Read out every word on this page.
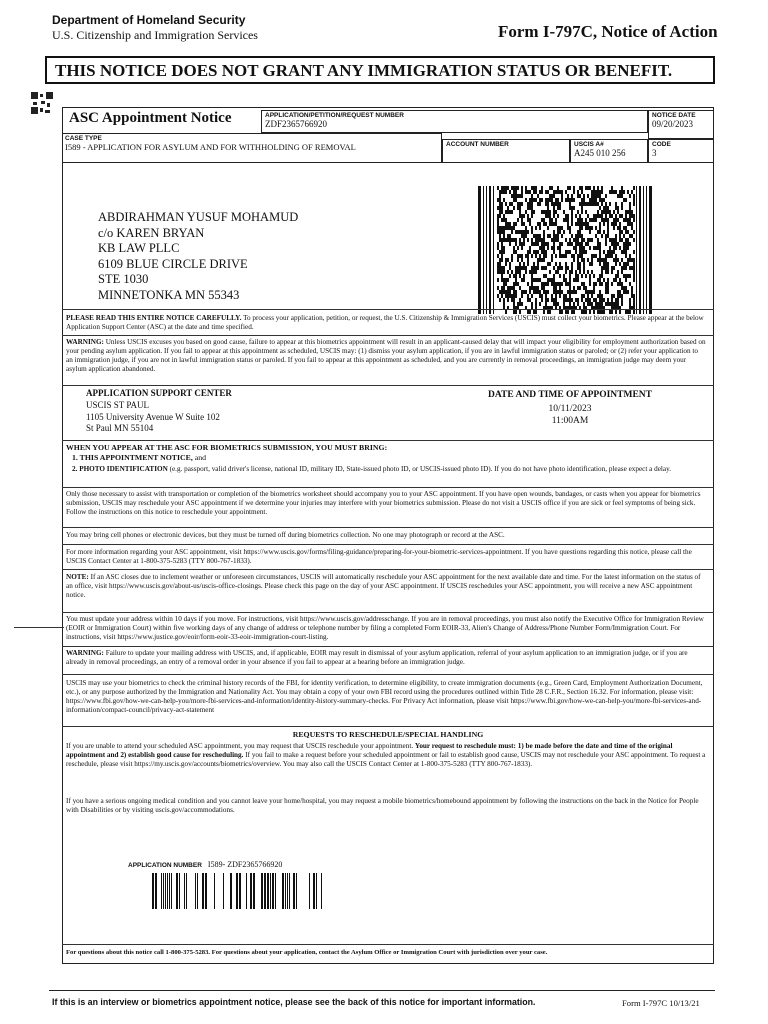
Department of Homeland Security
U.S. Citizenship and Immigration Services	Form I-797C, Notice of Action
THIS NOTICE DOES NOT GRANT ANY IMMIGRATION STATUS OR BENEFIT.
ASC Appointment Notice	APPLICATION/PETITION/REQUEST NUMBER
ZDF2365766920
NOTICE DATE
09/20/2023
CASE TYPE
I589 - APPLICATION FOR ASYLUM AND FOR WITHHOLDING OF REMOVAL	ACCOUNT NUMBER	USCIS A#
A245 010 256
CODE
3
ABDIRAHMAN YUSUF MOHAMUD
c/o KAREN BRYAN
KB LAW PLLC
6109 BLUE CIRCLE DRIVE
STE 1030
MINNETONKA MN 55343
PLEASE READ THIS ENTIRE NOTICE CAREFULLY. To process your application, petition, or request, the U.S. Citizenship & Immigration Services (USCIS) must collect your biometrics. Please appear at the below Application Support Center (ASC) at the date and time specified.
WARNING: Unless USCIS excuses you based on good cause, failure to appear at this biometrics appointment will result in an applicant-caused delay that will impact your eligibility for employment authorization based on your pending asylum application. If you fail to appear at this appointment as scheduled, USCIS may: (1) dismiss your asylum application, if you are in lawful immigration status or paroled; or (2) refer your application to an immigration judge, if you are not in lawful immigration status or paroled. If you fail to appear at this appointment as scheduled, and you are currently in removal proceedings, an immigration judge may deem your asylum application abandoned.
APPLICATION SUPPORT CENTER
USCIS ST PAUL
1105 University Avenue W Suite 102
St Paul MN 55104
DATE AND TIME OF APPOINTMENT
10/11/2023
11:00AM
WHEN YOU APPEAR AT THE ASC FOR BIOMETRICS SUBMISSION, YOU MUST BRING:
1. THIS APPOINTMENT NOTICE, and
2. PHOTO IDENTIFICATION (e.g. passport, valid driver's license, national ID, military ID, State-issued photo ID, or USCIS-issued photo ID). If you do not have photo identification, please expect a delay.
Only those necessary to assist with transportation or completion of the biometrics worksheet should accompany you to your ASC appointment. If you have open wounds, bandages, or casts when you appear for biometrics submission, USCIS may reschedule your ASC appointment if we determine your injuries may interfere with your biometrics submission. Please do not visit a USCIS office if you are sick or feel symptoms of being sick. Follow the instructions on this notice to reschedule your appointment.
You may bring cell phones or electronic devices, but they must be turned off during biometrics collection. No one may photograph or record at the ASC.
For more information regarding your ASC appointment, visit https://www.uscis.gov/forms/filing-guidance/preparing-for-your-biometric-services-appointment. If you have questions regarding this notice, please call the USCIS Contact Center at 1-800-375-5283 (TTY 800-767-1833).
NOTE: If an ASC closes due to inclement weather or unforeseen circumstances, USCIS will automatically reschedule your ASC appointment for the next available date and time. For the latest information on the status of an office, visit https://www.uscis.gov/about-us/uscis-office-closings. Please check this page on the day of your ASC appointment. If USCIS reschedules your ASC appointment, you will receive a new ASC appointment notice.
You must update your address within 10 days if you move. For instructions, visit https://www.uscis.gov/addresschange. If you are in removal proceedings, you must also notify the Executive Office for Immigration Review (EOIR or Immigration Court) within five working days of any change of address or telephone number by filing a completed Form EOIR-33, Alien's Change of Address/Phone Number Form/Immigration Court. For instructions, visit https://www.justice.gov/eoir/form-eoir-33-eoir-immigration-court-listing.
WARNING: Failure to update your mailing address with USCIS, and, if applicable, EOIR may result in dismissal of your asylum application, referral of your asylum application to an immigration judge, or if you are already in removal proceedings, an entry of a removal order in your absence if you fail to appear at a hearing before an immigration judge.
USCIS may use your biometrics to check the criminal history records of the FBI, for identity verification, to determine eligibility, to create immigration documents (e.g., Green Card, Employment Authorization Document, etc.), or any purpose authorized by the Immigration and Nationality Act. You may obtain a copy of your own FBI record using the procedures outlined within Title 28 C.F.R., Section 16.32. For information, please visit: https://www.fbi.gov/how-we-can-help-you/more-fbi-services-and-information/identity-history-summary-checks. For Privacy Act information, please visit https://www.fbi.gov/how-we-can-help-you/more-fbi-services-and-information/compact-council/privacy-act-statement
REQUESTS TO RESCHEDULE/SPECIAL HANDLING
If you are unable to attend your scheduled ASC appointment, you may request that USCIS reschedule your appointment. Your request to reschedule must: 1) be made before the date and time of the original appointment and 2) establish good cause for rescheduling. If you fail to make a request before your scheduled appointment or fail to establish good cause, USCIS may not reschedule your ASC appointment. To request a reschedule, please visit https://my.uscis.gov/accounts/biometrics/overview. You may also call the USCIS Contact Center at 1-800-375-5283 (TTY 800-767-1833).
If you have a serious ongoing medical condition and you cannot leave your home/hospital, you may request a mobile biometrics/homebound appointment by following the instructions on the back in the Notice for People with Disabilities or by visiting uscis.gov/accommodations.
APPLICATION NUMBER I589- ZDF2365766920
For questions about this notice call 1-800-375-5283. For questions about your application, contact the Asylum Office or Immigration Court with jurisdiction over your case.
If this is an interview or biometrics appointment notice, please see the back of this notice for important information.	Form I-797C 10/13/21
